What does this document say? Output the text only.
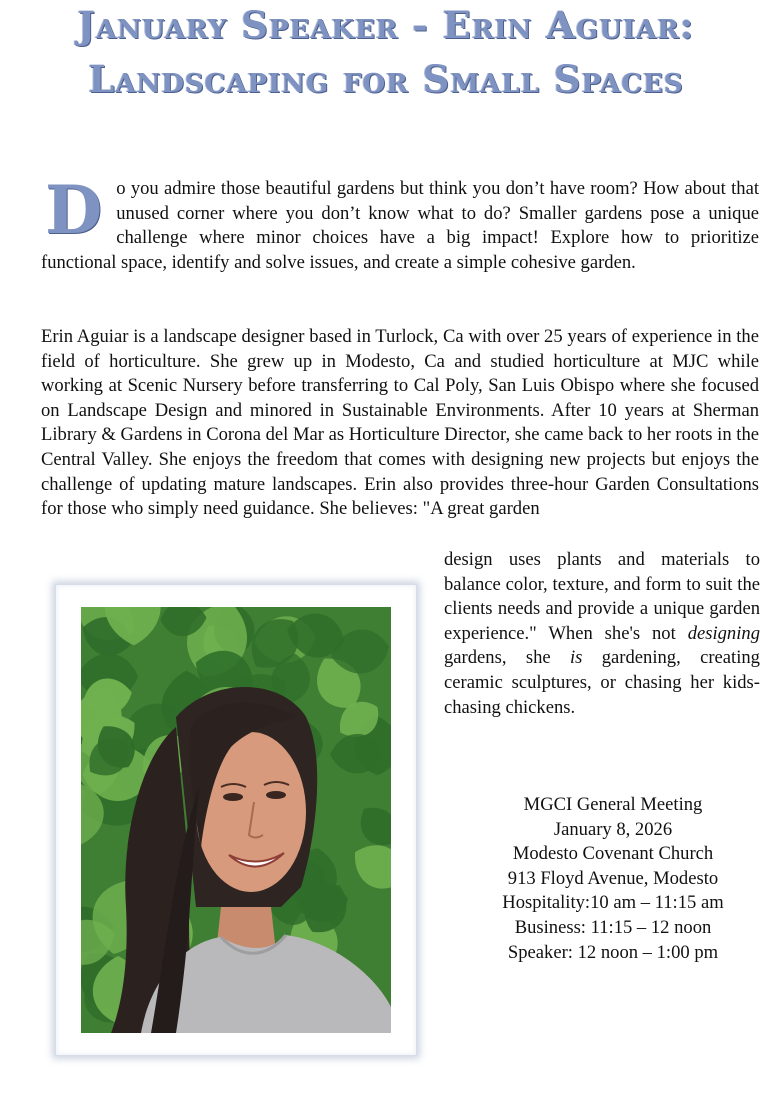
January Speaker - Erin Aguiar:
Landscaping for Small Spaces
D o you admire those beautiful gardens but think you don’t have room? How about that unused corner where you don’t know what to do? Smaller gardens pose a unique challenge where minor choices have a big impact! Explore how to prioritize functional space, identify and solve issues, and create a simple cohesive garden.
Erin Aguiar is a landscape designer based in Turlock, Ca with over 25 years of experience in the field of horticulture. She grew up in Modesto, Ca and studied horticulture at MJC while working at Scenic Nursery before transferring to Cal Poly, San Luis Obispo where she focused on Landscape Design and minored in Sustainable Environments. After 10 years at Sherman Library & Gardens in Corona del Mar as Horticulture Director, she came back to her roots in the Central Valley. She enjoys the freedom that comes with designing new projects but enjoys the challenge of updating mature landscapes. Erin also provides three-hour Garden Consultations for those who simply need guidance. She believes: "A great garden
design uses plants and materials to balance color, texture, and form to suit the clients needs and provide a unique garden experience." When she's not designing gardens, she is gardening, creating ceramic sculptures, or chasing her kids-chasing chickens.
MGCI General Meeting
January 8, 2026
Modesto Covenant Church
913 Floyd Avenue, Modesto
Hospitality:10 am – 11:15 am
Business: 11:15 – 12 noon
Speaker: 12 noon – 1:00 pm
